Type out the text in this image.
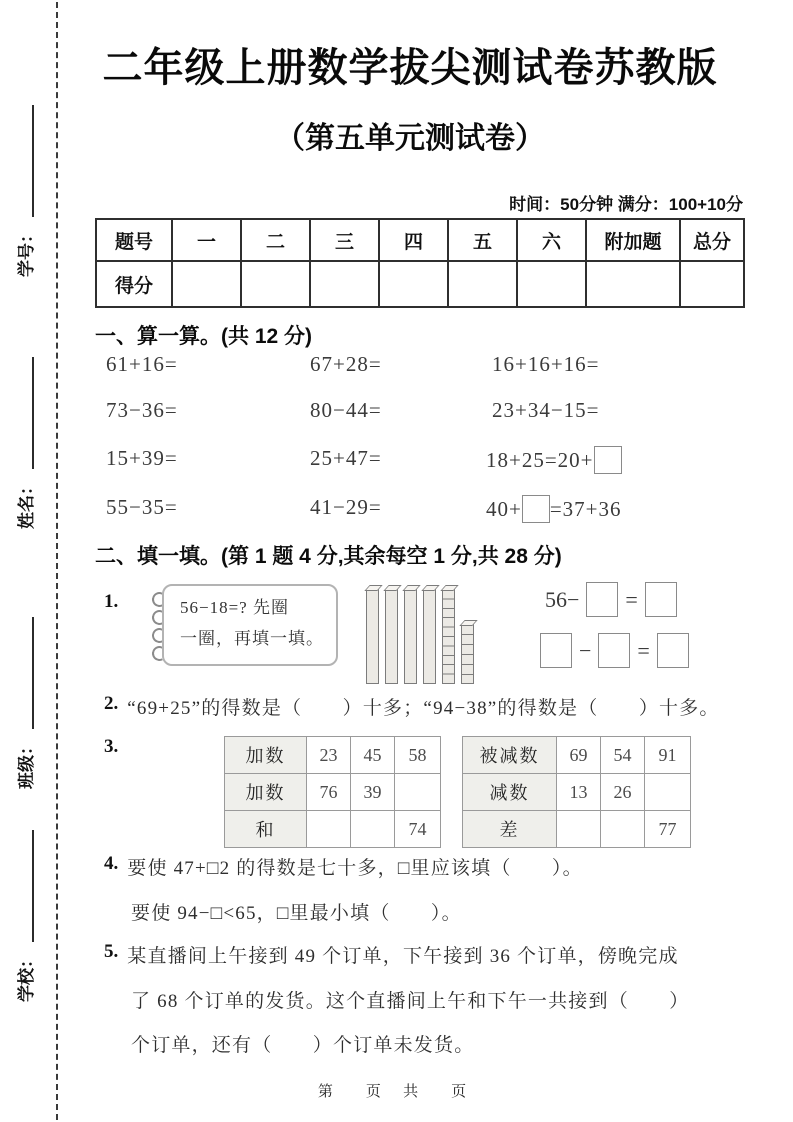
学号：
姓名：
班级：
学校：
二年级上册数学拔尖测试卷苏教版
（第五单元测试卷）
时间：50分钟 满分：100+10分
题号	一	二	三	四	五	六	附加题	总分
得分								
一、算一算。(共 12 分)
61+16=	67+28=	16+16+16=
73−36=	80−44=	23+34−15=
15+39=	25+47=	18+25=20+
55−35=	41−29=	40+ =37+36
二、填一填。(第 1 题 4 分,其余每空 1 分,共 28 分)
1.	56−18=? 先圈
一圈，再填一填。
56− =
− =
2. “69+25”的得数是（　　）十多；“94−38”的得数是（　　）十多。
3.	加数	23	45	58
加数	76	39	
和			74
被减数	69	54	91
减数	13	26	
差			77
4. 要使 47+□2 的得数是七十多，□里应该填（　　）。
要使 94−□<65，□里最小填（　　）。
5. 某直播间上午接到 49 个订单，下午接到 36 个订单，傍晚完成
了 68 个订单的发货。这个直播间上午和下午一共接到（　　）
个订单，还有（　　）个订单未发货。
第　页 共　页
